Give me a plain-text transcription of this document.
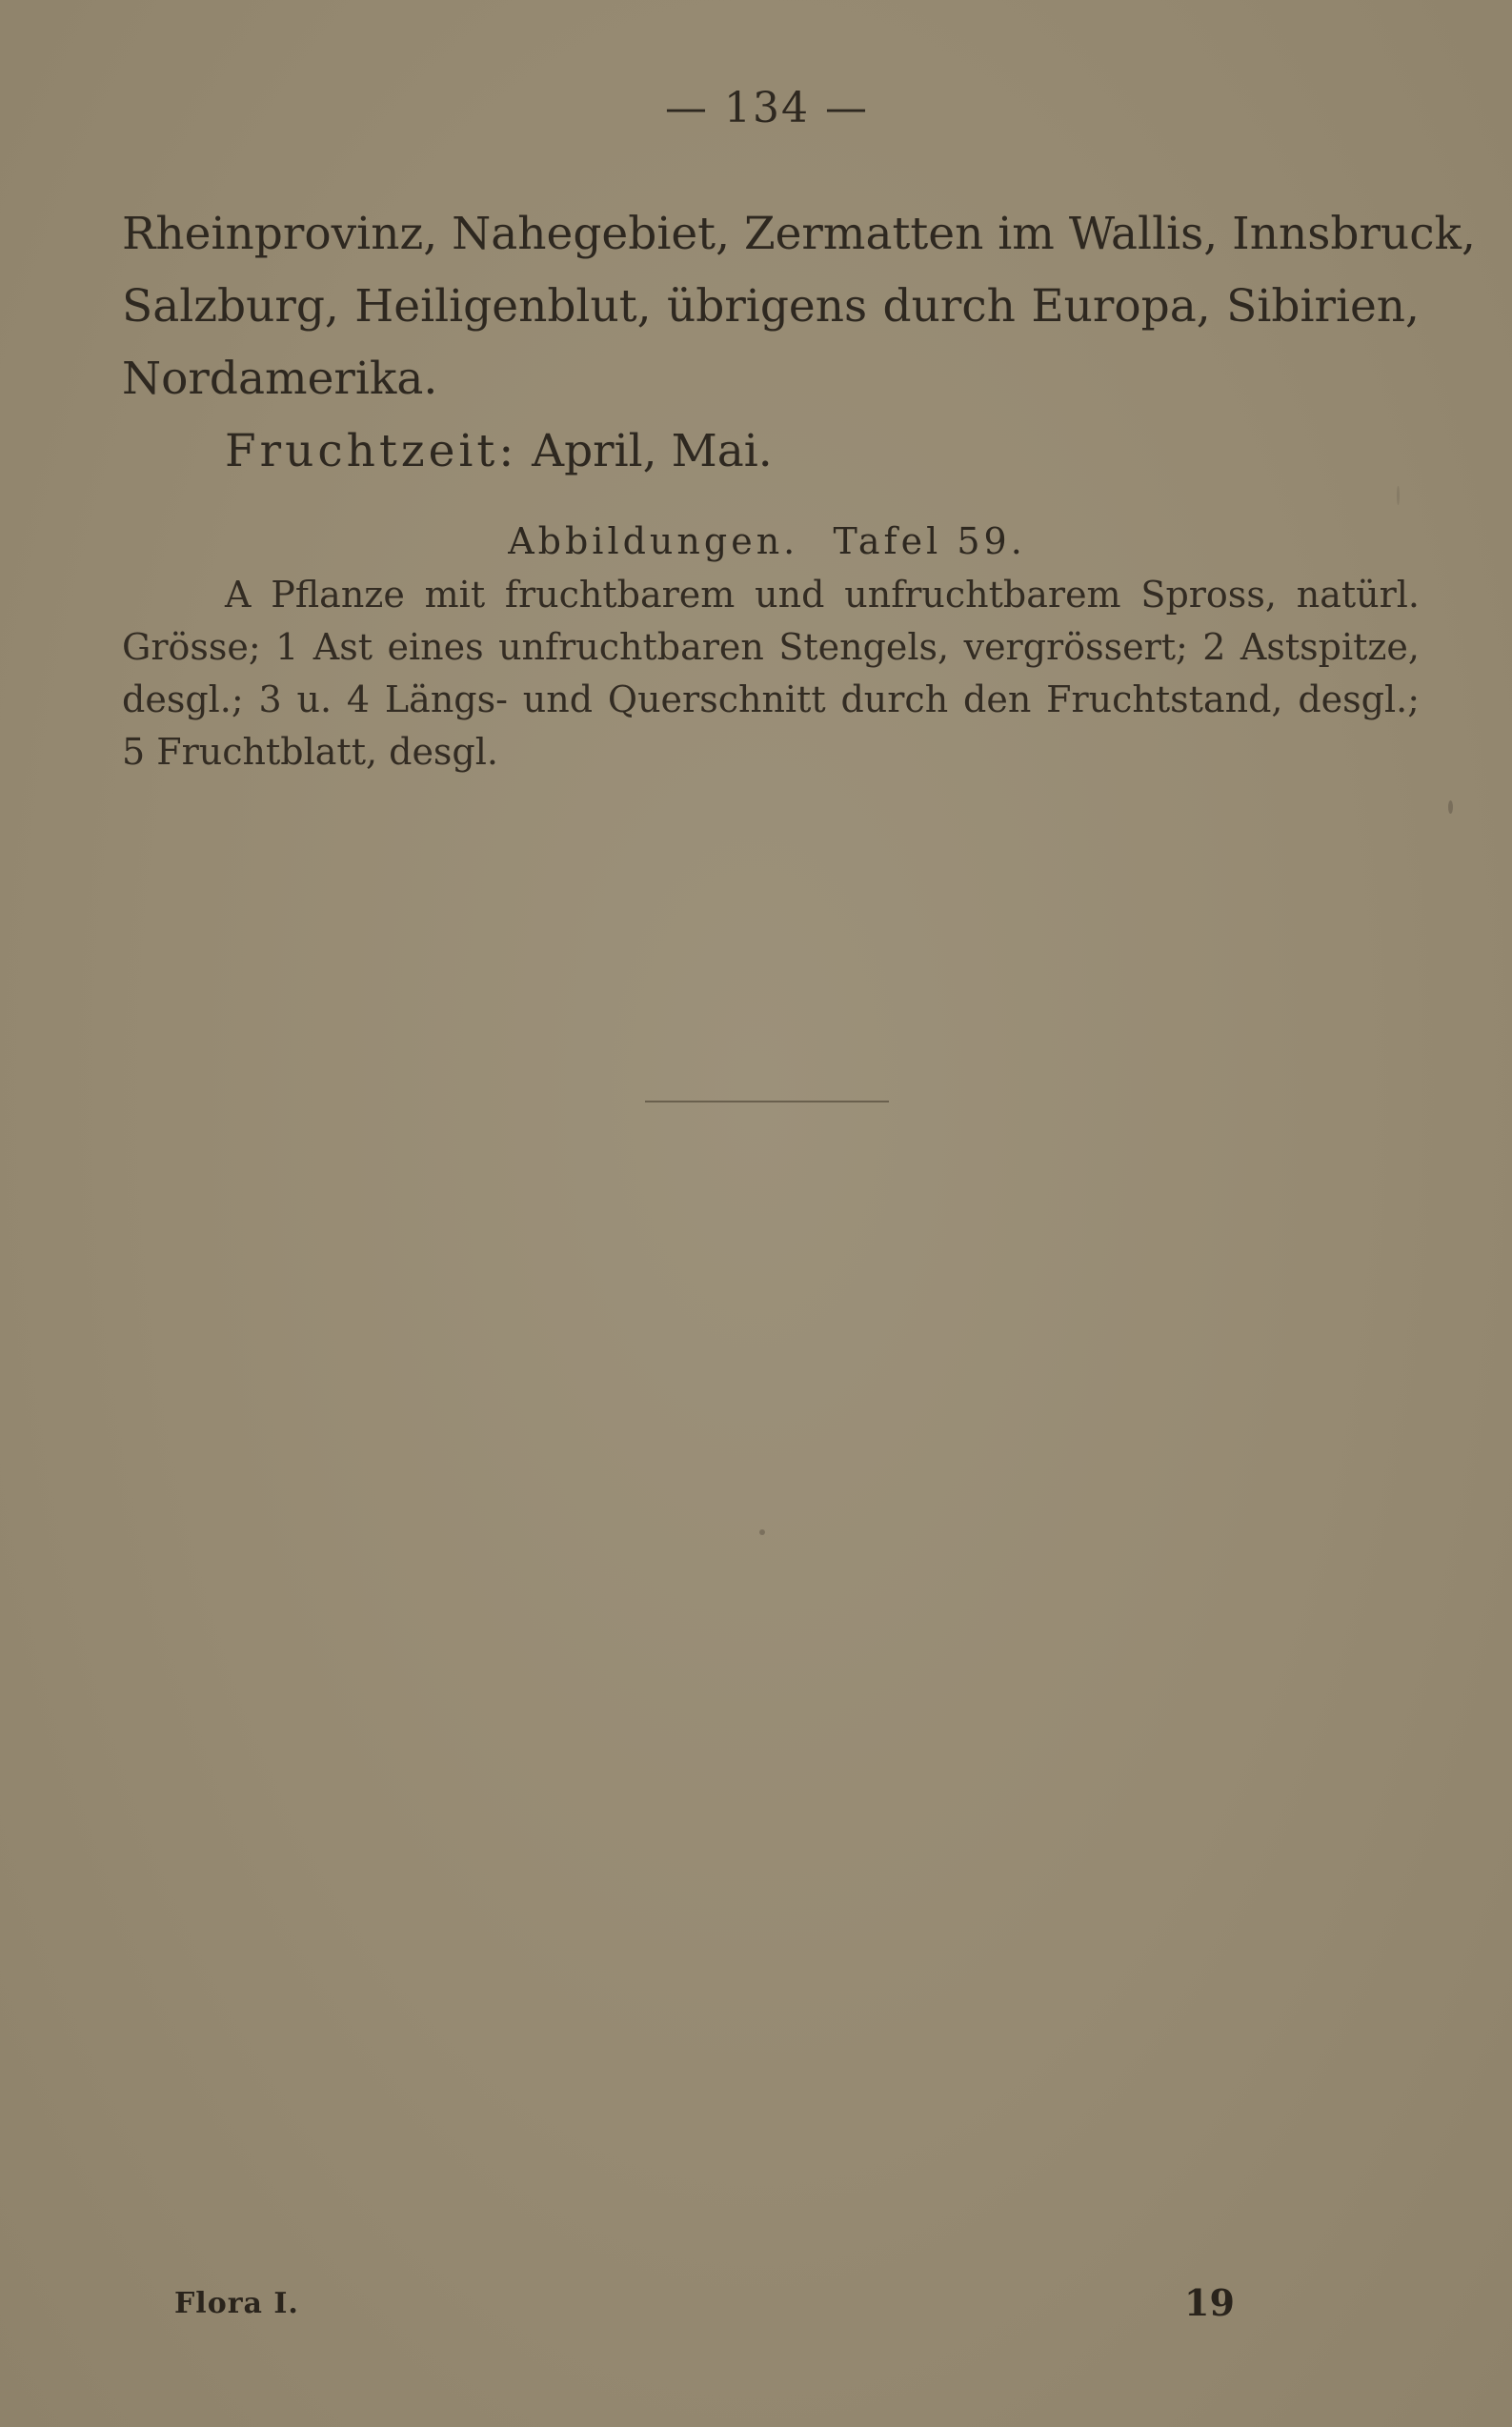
— 134 —
Rheinprovinz, Nahegebiet, Zermatten im Wallis, Innsbruck,
Salzburg, Heiligenblut, übrigens durch Europa, Sibirien,
Nordamerika.
Fruchtzeit: April, Mai.
Abbildungen. Tafel 59.
A Pflanze mit fruchtbarem und unfruchtbarem Spross, natürl.
Grösse; 1 Ast eines unfruchtbaren Stengels, vergrössert; 2 Astspitze,
desgl.; 3 u. 4 Längs- und Querschnitt durch den Fruchtstand, desgl.;
5 Fruchtblatt, desgl.
Flora I.	19
